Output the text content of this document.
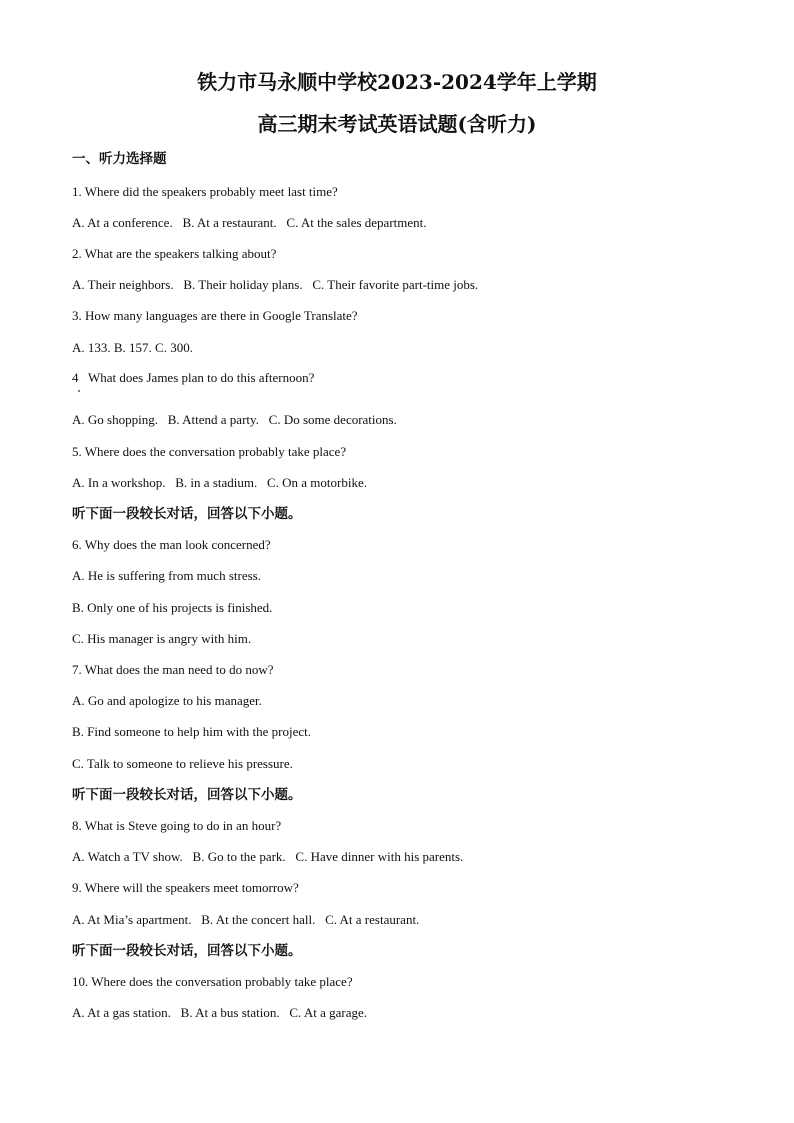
铁力市马永顺中学校2023-2024学年上学期
高三期末考试英语试题(含听力)
一、听力选择题
1. Where did the speakers probably meet last time?
A. At a conference.   B. At a restaurant.   C. At the sales department.
2. What are the speakers talking about?
A. Their neighbors.   B. Their holiday plans.   C. Their favorite part-time jobs.
3. How many languages are there in Google Translate?
A. 133. B. 157. C. 300.
4   What does James plan to do this afternoon?
A. Go shopping.   B. Attend a party.   C. Do some decorations.
5. Where does the conversation probably take place?
A. In a workshop.   B. in a stadium.   C. On a motorbike.
听下面一段较长对话，回答以下小题。
6. Why does the man look concerned?
A. He is suffering from much stress.
B. Only one of his projects is finished.
C. His manager is angry with him.
7. What does the man need to do now?
A. Go and apologize to his manager.
B. Find someone to help him with the project.
C. Talk to someone to relieve his pressure.
听下面一段较长对话，回答以下小题。
8. What is Steve going to do in an hour?
A. Watch a TV show.   B. Go to the park.   C. Have dinner with his parents.
9. Where will the speakers meet tomorrow?
A. At Mia’s apartment.   B. At the concert hall.   C. At a restaurant.
听下面一段较长对话，回答以下小题。
10. Where does the conversation probably take place?
A. At a gas station.   B. At a bus station.   C. At a garage.
